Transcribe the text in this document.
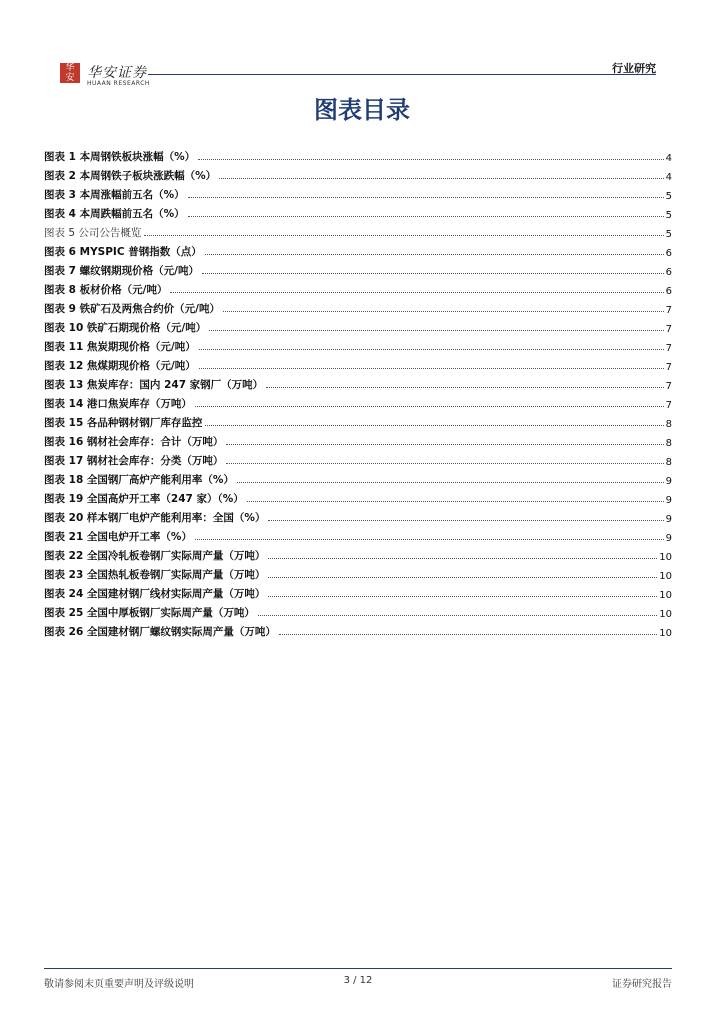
华
安 华安证券
HUAAN RESEARCH
行业研究
图表目录
图表 1 本周钢铁板块涨幅（%）	4
图表 2 本周钢铁子板块涨跌幅（%）	4
图表 3 本周涨幅前五名（%）	5
图表 4 本周跌幅前五名（%）	5
图表 5 公司公告概览	5
图表 6 MYSPIC 普钢指数（点）	6
图表 7 螺纹钢期现价格（元/吨）	6
图表 8 板材价格（元/吨）	6
图表 9 铁矿石及两焦合约价（元/吨）	7
图表 10 铁矿石期现价格（元/吨）	7
图表 11 焦炭期现价格（元/吨）	7
图表 12 焦煤期现价格（元/吨）	7
图表 13 焦炭库存：国内 247 家钢厂（万吨）	7
图表 14 港口焦炭库存（万吨）	7
图表 15 各品种钢材钢厂库存监控	8
图表 16 钢材社会库存：合计（万吨）	8
图表 17 钢材社会库存：分类（万吨）	8
图表 18 全国钢厂高炉产能利用率（%）	9
图表 19 全国高炉开工率（247 家）（%）	9
图表 20 样本钢厂电炉产能利用率：全国（%）	9
图表 21 全国电炉开工率（%）	9
图表 22 全国冷轧板卷钢厂实际周产量（万吨）	10
图表 23 全国热轧板卷钢厂实际周产量（万吨）	10
图表 24 全国建材钢厂线材实际周产量（万吨）	10
图表 25 全国中厚板钢厂实际周产量（万吨）	10
图表 26 全国建材钢厂螺纹钢实际周产量（万吨）	10
敬请参阅末页重要声明及评级说明	3 / 12	证券研究报告
